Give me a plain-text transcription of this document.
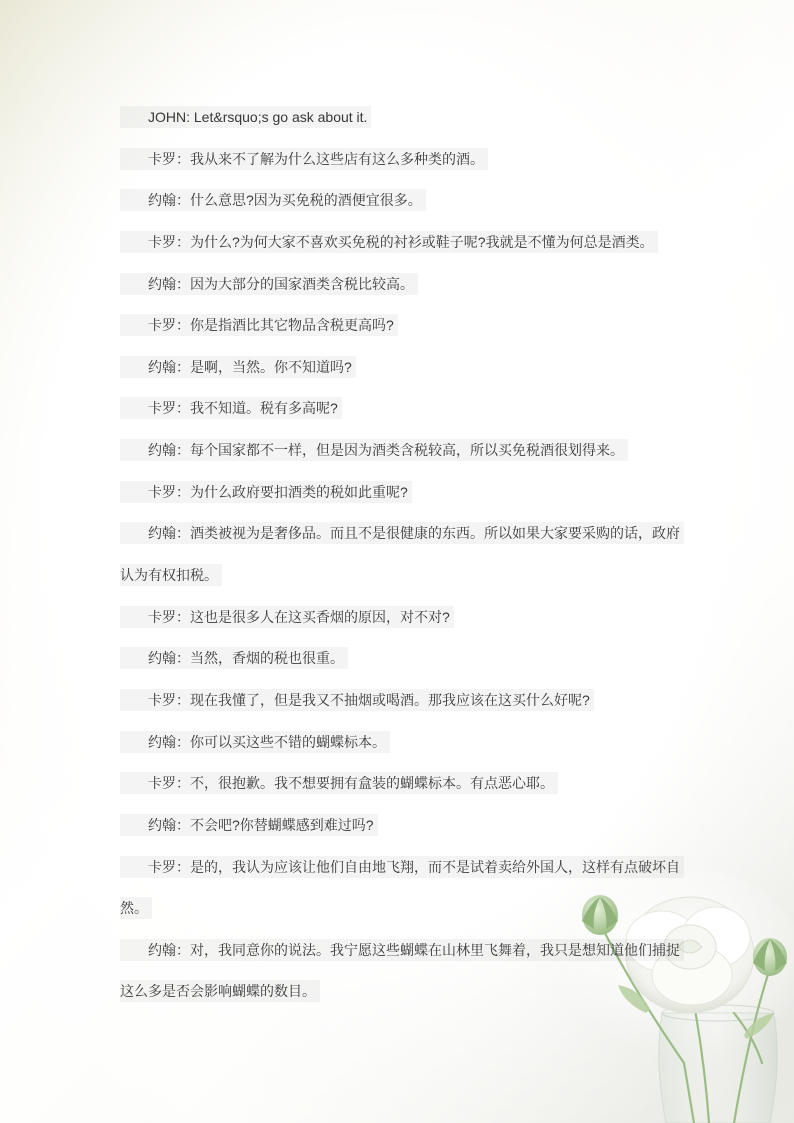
JOHN: Let&rsquo;s go ask about it.
卡罗：我从来不了解为什么这些店有这么多种类的酒。
约翰：什么意思?因为买免税的酒便宜很多。
卡罗：为什么?为何大家不喜欢买免税的衬衫或鞋子呢?我就是不懂为何总是酒类。
约翰：因为大部分的国家酒类含税比较高。
卡罗：你是指酒比其它物品含税更高吗?
约翰：是啊，当然。你不知道吗?
卡罗：我不知道。税有多高呢?
约翰：每个国家都不一样，但是因为酒类含税较高，所以买免税酒很划得来。
卡罗：为什么政府要扣酒类的税如此重呢?
约翰：酒类被视为是奢侈品。而且不是很健康的东西。所以如果大家要采购的话，政府
认为有权扣税。
卡罗：这也是很多人在这买香烟的原因，对不对?
约翰：当然，香烟的税也很重。
卡罗：现在我懂了，但是我又不抽烟或喝酒。那我应该在这买什么好呢?
约翰：你可以买这些不错的蝴蝶标本。
卡罗：不，很抱歉。我不想要拥有盒装的蝴蝶标本。有点恶心耶。
约翰：不会吧?你替蝴蝶感到难过吗?
卡罗：是的，我认为应该让他们自由地飞翔，而不是试着卖给外国人，这样有点破坏自
然。
约翰：对，我同意你的说法。我宁愿这些蝴蝶在山林里飞舞着，我只是想知道他们捕捉
这么多是否会影响蝴蝶的数目。
